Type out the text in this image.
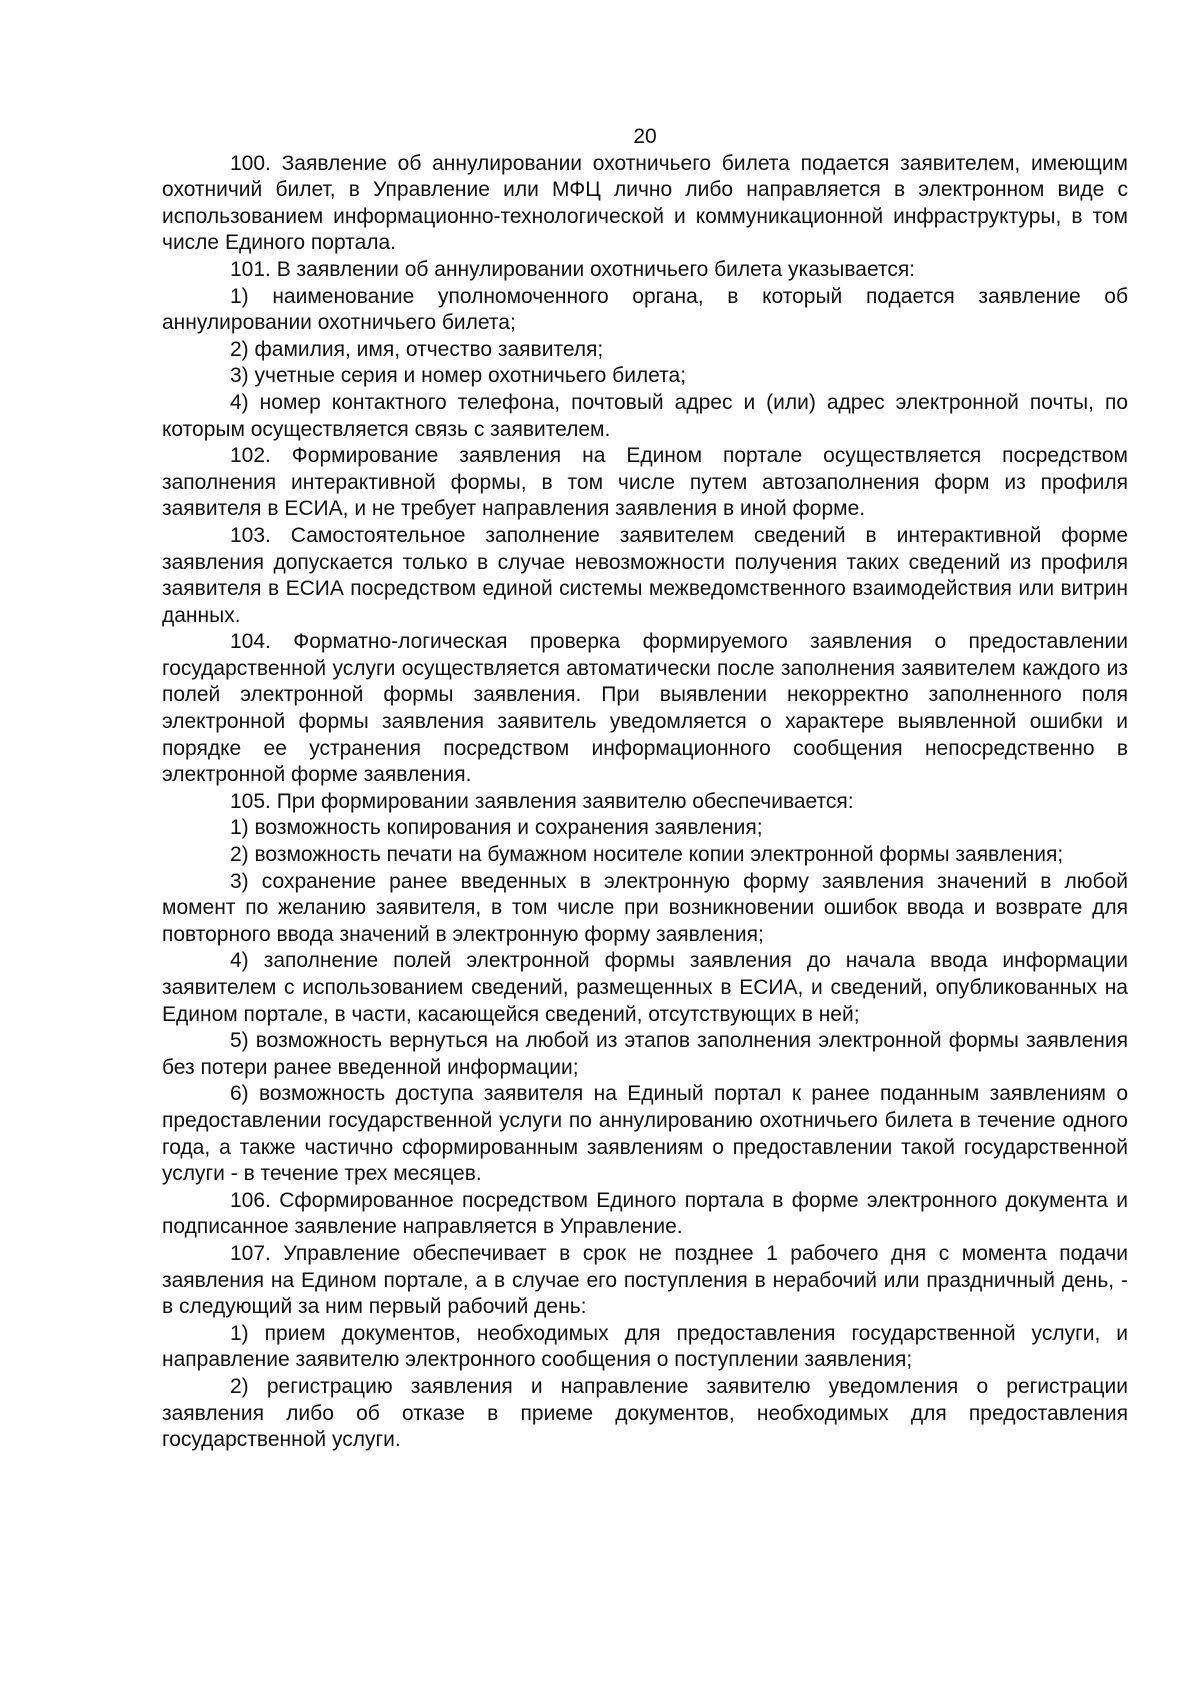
20

100. Заявление об аннулировании охотничьего билета подается заявителем, имеющим охотничий билет, в Управление или МФЦ лично либо направляется в электронном виде с использованием информационно-технологической и коммуникационной инфраструктуры, в том числе Единого портала.

101. В заявлении об аннулировании охотничьего билета указывается:

1) наименование уполномоченного органа, в который подается заявление об аннулировании охотничьего билета;

2) фамилия, имя, отчество заявителя;

3) учетные серия и номер охотничьего билета;

4) номер контактного телефона, почтовый адрес и (или) адрес электронной почты, по которым осуществляется связь с заявителем.

102. Формирование заявления на Едином портале осуществляется посредством заполнения интерактивной формы, в том числе путем автозаполнения форм из профиля заявителя в ЕСИА, и не требует направления заявления в иной форме.

103. Самостоятельное заполнение заявителем сведений в интерактивной форме заявления допускается только в случае невозможности получения таких сведений из профиля заявителя в ЕСИА посредством единой системы межведомственного взаимодействия или витрин данных.

104. Форматно-логическая проверка формируемого заявления о предоставлении государственной услуги осуществляется автоматически после заполнения заявителем каждого из полей электронной формы заявления. При выявлении некорректно заполненного поля электронной формы заявления заявитель уведомляется о характере выявленной ошибки и порядке ее устранения посредством информационного сообщения непосредственно в электронной форме заявления.

105. При формировании заявления заявителю обеспечивается:

1) возможность копирования и сохранения заявления;

2) возможность печати на бумажном носителе копии электронной формы заявления;

3) сохранение ранее введенных в электронную форму заявления значений в любой момент по желанию заявителя, в том числе при возникновении ошибок ввода и возврате для повторного ввода значений в электронную форму заявления;

4) заполнение полей электронной формы заявления до начала ввода информации заявителем с использованием сведений, размещенных в ЕСИА, и сведений, опубликованных на Едином портале, в части, касающейся сведений, отсутствующих в ней;

5) возможность вернуться на любой из этапов заполнения электронной формы заявления без потери ранее введенной информации;

6) возможность доступа заявителя на Единый портал к ранее поданным заявлениям о предоставлении государственной услуги по аннулированию охотничьего билета в течение одного года, а также частично сформированным заявлениям о предоставлении такой государственной услуги - в течение трех месяцев.

106. Сформированное посредством Единого портала в форме электронного документа и подписанное заявление направляется в Управление.

107. Управление обеспечивает в срок не позднее 1 рабочего дня с момента подачи заявления на Едином портале, а в случае его поступления в нерабочий или праздничный день, - в следующий за ним первый рабочий день:

1) прием документов, необходимых для предоставления государственной услуги, и направление заявителю электронного сообщения о поступлении заявления;

2) регистрацию заявления и направление заявителю уведомления о регистрации заявления либо об отказе в приеме документов, необходимых для предоставления государственной услуги.
